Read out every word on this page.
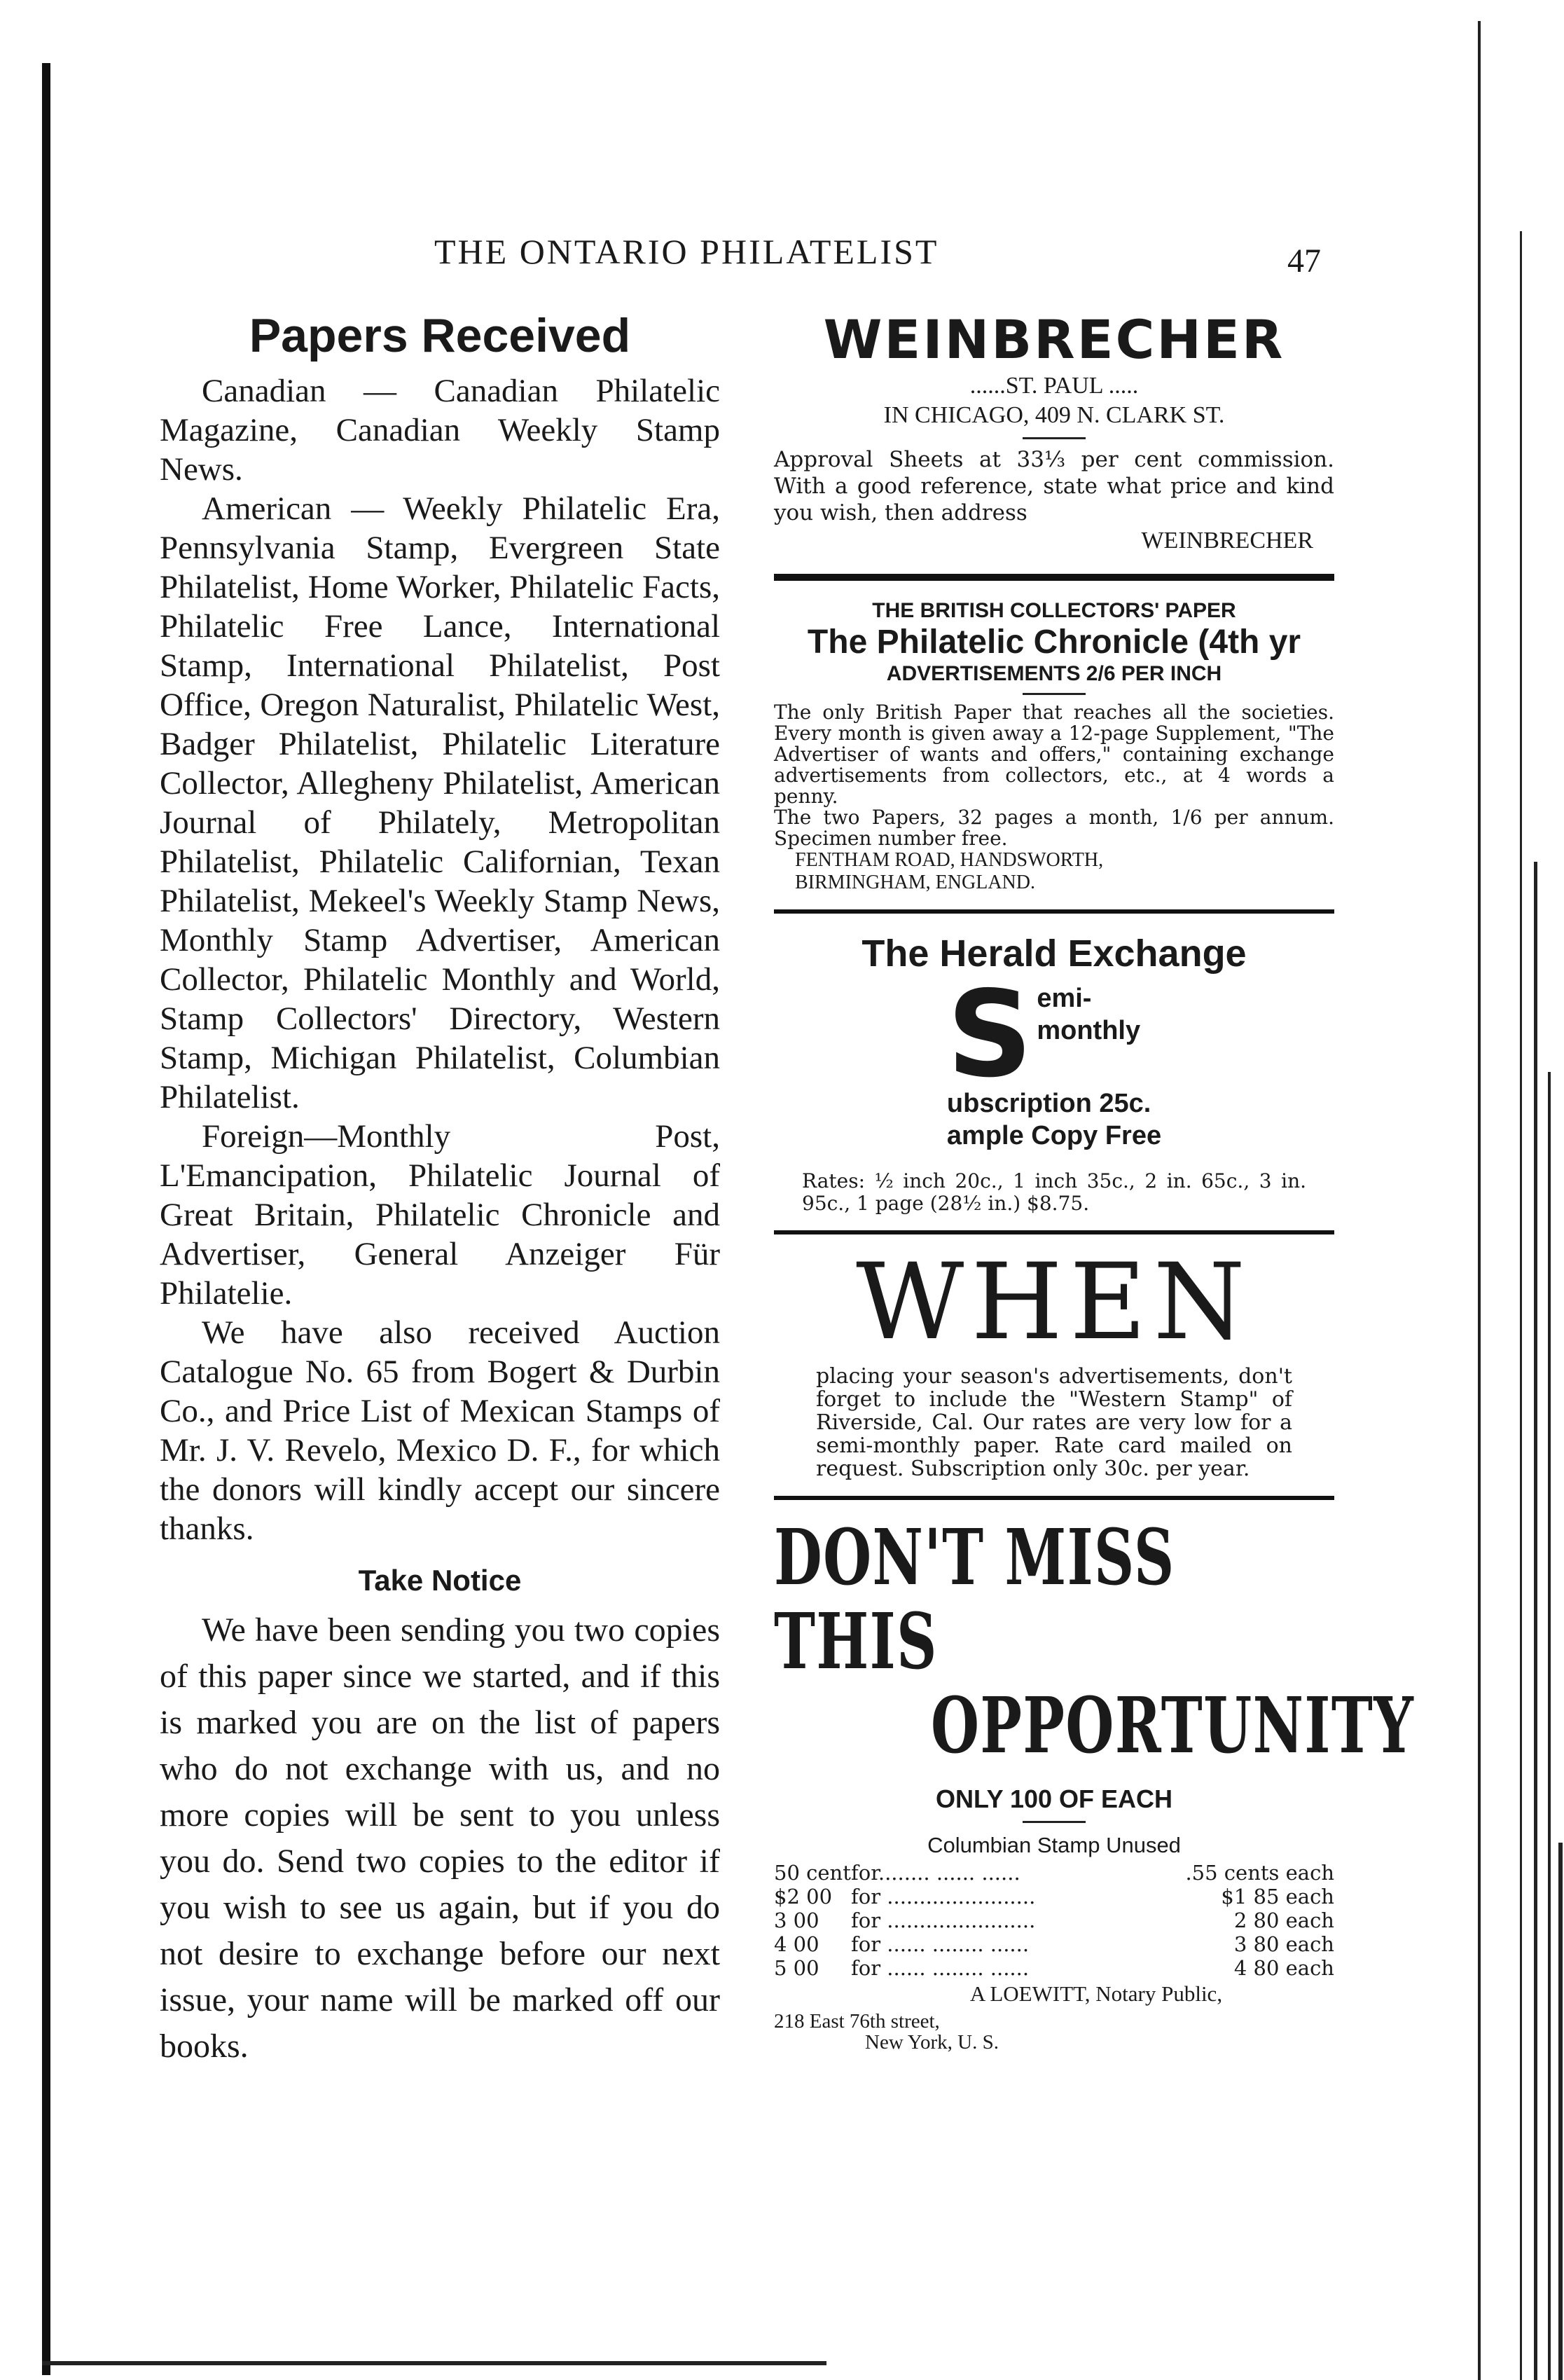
THE ONTARIO PHILATELIST	47
Papers Received

Canadian — Canadian Philatelic Magazine, Canadian Weekly Stamp News.

American — Weekly Philatelic Era, Pennsylvania Stamp, Evergreen State Philatelist, Home Worker, Philatelic Facts, Philatelic Free Lance, International Stamp, International Philatelist, Post Office, Oregon Naturalist, Philatelic West, Badger Philatelist, Philatelic Literature Collector, Allegheny Philatelist, American Journal of Philately, Metropolitan Philatelist, Philatelic Californian, Texan Philatelist, Mekeel's Weekly Stamp News, Monthly Stamp Advertiser, American Collector, Philatelic Monthly and World, Stamp Collectors' Directory, Western Stamp, Michigan Philatelist, Columbian Philatelist.

Foreign—Monthly Post, L'Emancipation, Philatelic Journal of Great Britain, Philatelic Chronicle and Advertiser, General Anzeiger Für Philatelie.

We have also received Auction Catalogue No. 65 from Bogert & Durbin Co., and Price List of Mexican Stamps of Mr. J. V. Revelo, Mexico D. F., for which the donors will kindly accept our sincere thanks.

Take Notice

We have been sending you two copies of this paper since we started, and if this is marked you are on the list of papers who do not exchange with us, and no more copies will be sent to you unless you do. Send two copies to the editor if you wish to see us again, but if you do not desire to exchange before our next issue, your name will be marked off our books.

WEINBRECHER
......ST. PAUL .....
IN CHICAGO, 409 N. CLARK ST.

Approval Sheets at 33⅓ per cent commission. With a good reference, state what price and kind you wish, then address

WEINBRECHER
THE BRITISH COLLECTORS' PAPER
The Philatelic Chronicle (4th yr
ADVERTISEMENTS 2/6 PER INCH

The only British Paper that reaches all the societies. Every month is given away a 12-page Supplement, "The Advertiser of wants and offers," containing exchange advertisements from collectors, etc., at 4 words a penny.

The two Papers, 32 pages a month, 1/6 per annum. Specimen number free.

FENTHAM ROAD, HANDSWORTH,
BIRMINGHAM, ENGLAND.
The Herald Exchange
S emi-monthly
ubscription 25c.
ample Copy Free

Rates: ½ inch 20c., 1 inch 35c., 2 in. 65c., 3 in. 95c., 1 page (28½ in.) $8.75.

WHEN

placing your season's advertisements, don't forget to include the "Western Stamp" of Riverside, Cal. Our rates are very low for a semi-monthly paper. Rate card mailed on request. Subscription only 30c. per year.

DON'T MISS THIS
OPPORTUNITY
ONLY 100 OF EACH
Columbian Stamp Unused
50 cent for........ ...... ......	.55 cents each
$2 00 for .......................	$1 85 each
3 00	for .......................	2 80 each
4 00	for ...... ........ ......	3 80 each
5 00	for ...... ........ ......	4 80 each
A LOEWITT, Notary Public,
218 East 76th street,
New York, U. S.
